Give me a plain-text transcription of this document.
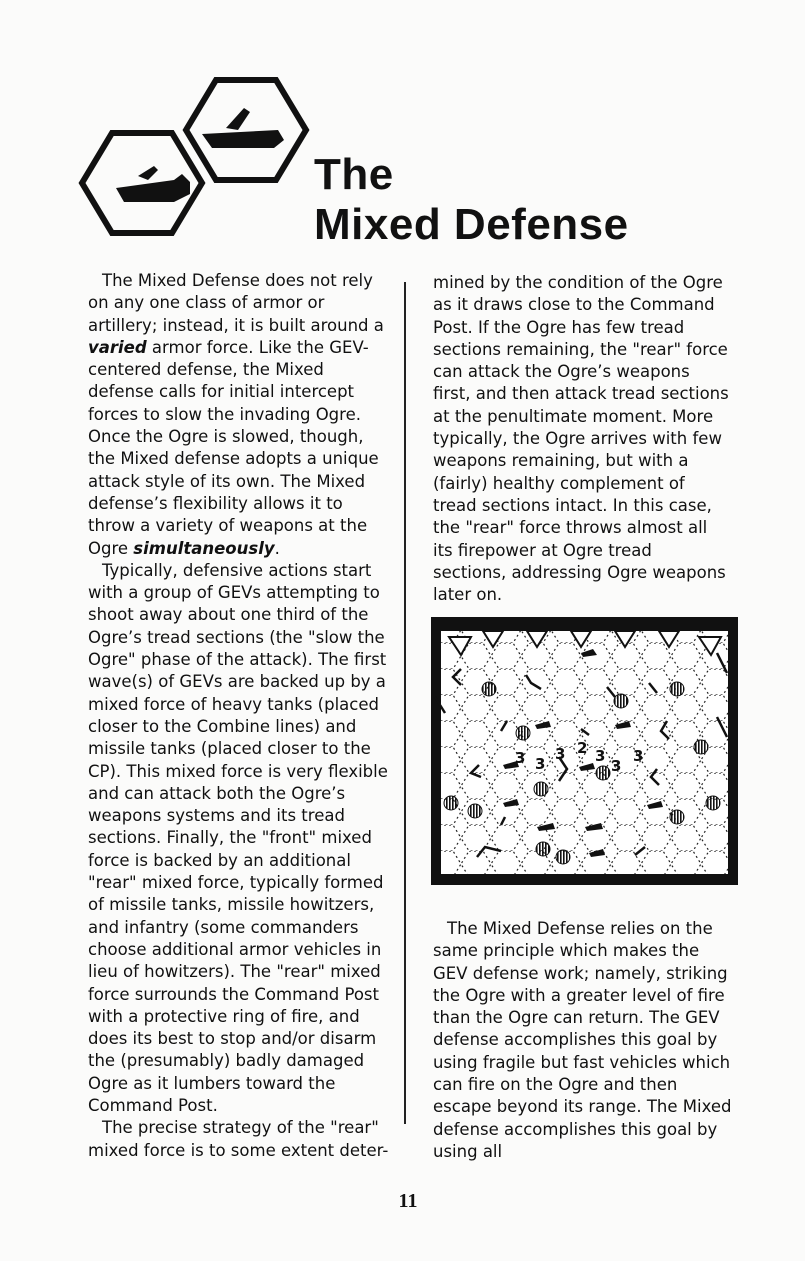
The
Mixed Defense

The Mixed Defense does not rely on any one class of armor or artillery; instead, it is built around a varied armor force. Like the GEV-centered defense, the Mixed defense calls for initial intercept forces to slow the invading Ogre. Once the Ogre is slowed, though, the Mixed defense adopts a unique attack style of its own. The Mixed defense’s flexibility allows it to throw a variety of weapons at the Ogre simultaneously.

Typically, defensive actions start with a group of GEVs attempting to shoot away about one third of the Ogre’s tread sections (the "slow the Ogre" phase of the attack). The first wave(s) of GEVs are backed up by a mixed force of heavy tanks (placed closer to the Combine lines) and missile tanks (placed closer to the CP). This mixed force is very flexible and can attack both the Ogre’s weapons systems and its tread sections. Finally, the "front" mixed force is backed by an additional "rear" mixed force, typically formed of missile tanks, missile howitzers, and infantry (some commanders choose additional armor vehicles in lieu of howitzers). The "rear" mixed force surrounds the Command Post with a protective ring of fire, and does its best to stop and/or disarm the (presumably) badly damaged Ogre as it lumbers toward the Command Post.

The precise strategy of the "rear" mixed force is to some extent deter-

mined by the condition of the Ogre as it draws close to the Command Post. If the Ogre has few tread sections remaining, the "rear" force can attack the Ogre’s weapons first, and then attack tread sections at the penultimate moment. More typically, the Ogre arrives with few weapons remaining, but with a (fairly) healthy complement of tread sections intact. In this case, the "rear" force throws almost all its firepower at Ogre tread sections, addressing Ogre weapons later on.

3 3
3 2 3
3
3

The Mixed Defense relies on the same principle which makes the GEV defense work; namely, striking the Ogre with a greater level of fire than the Ogre can return. The GEV defense accomplishes this goal by using fragile but fast vehicles which can fire on the Ogre and then escape beyond its range. The Mixed defense accomplishes this goal by using all

11
